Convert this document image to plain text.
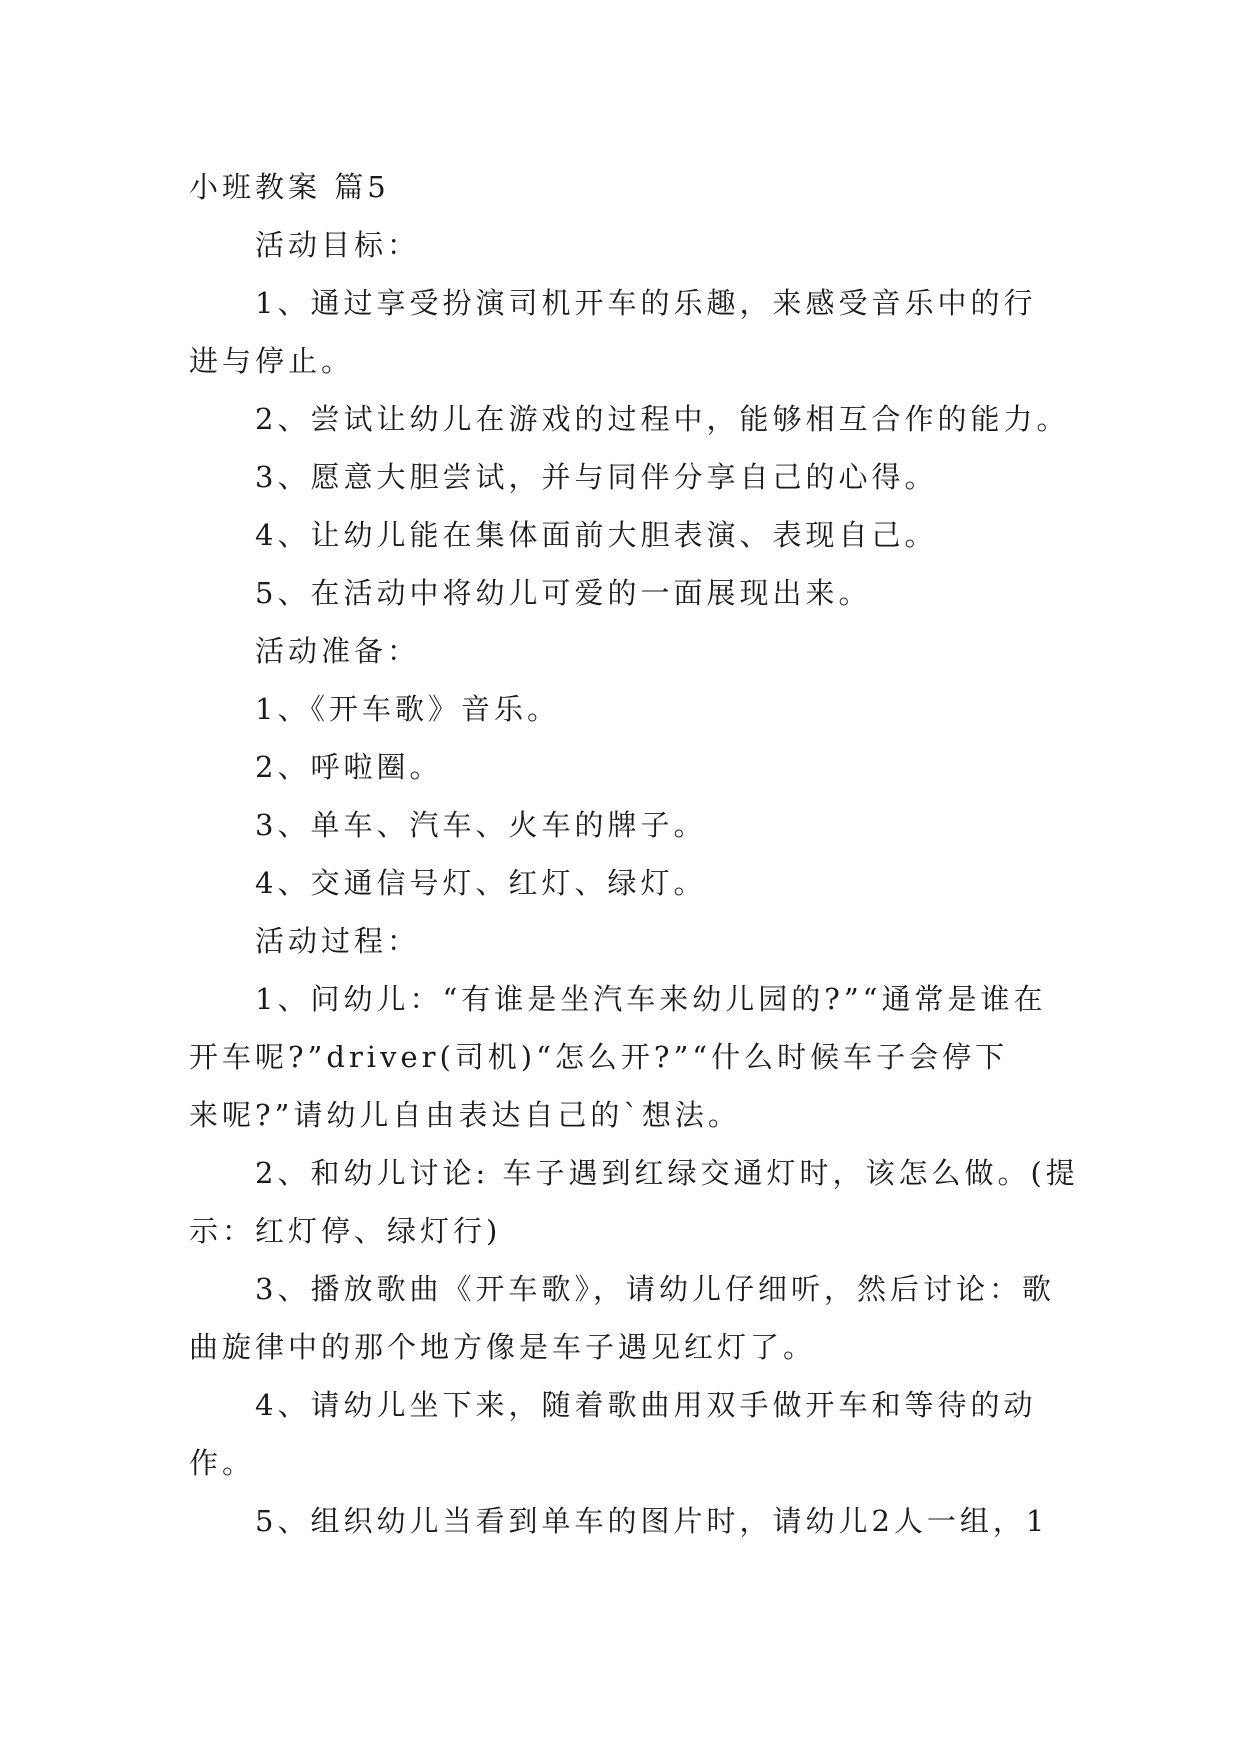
小班教案 篇5
活动目标：
1、通过享受扮演司机开车的乐趣，来感受音乐中的行
进与停止。
2、尝试让幼儿在游戏的过程中，能够相互合作的能力。
3、愿意大胆尝试，并与同伴分享自己的心得。
4、让幼儿能在集体面前大胆表演、表现自己。
5、在活动中将幼儿可爱的一面展现出来。
活动准备：
1、《开车歌》音乐。
2、呼啦圈。
3、单车、汽车、火车的牌子。
4、交通信号灯、红灯、绿灯。
活动过程：
1、问幼儿：“有谁是坐汽车来幼儿园的?”“通常是谁在
开车呢?”driver(司机)“怎么开?”“什么时候车子会停下
来呢?”请幼儿自由表达自己的`想法。
2、和幼儿讨论: 车子遇到红绿交通灯时，该怎么做。(提
示：红灯停、绿灯行)
3、播放歌曲《开车歌》，请幼儿仔细听，然后讨论：歌
曲旋律中的那个地方像是车子遇见红灯了。
4、请幼儿坐下来，随着歌曲用双手做开车和等待的动
作。
5、组织幼儿当看到单车的图片时，请幼儿2人一组，1
